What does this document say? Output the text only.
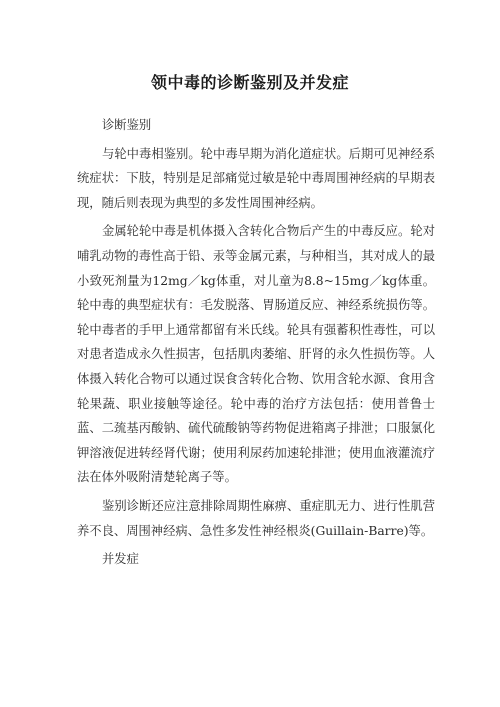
领中毒的诊断鉴别及并发症

诊断鉴别

与轮中毒相鉴别。轮中毒早期为消化道症状。后期可见神经系统症状：下肢，特别是足部痛觉过敏是轮中毒周围神经病的早期表现，随后则表现为典型的多发性周围神经病。

金属轮轮中毒是机体摄入含转化合物后产生的中毒反应。轮对哺乳动物的毒性高于铅、汞等金属元素，与种相当，其对成人的最小致死剂量为12mg／kg体重，对儿童为8.8~15mg／kg体重。轮中毒的典型症状有：毛发脱落、胃肠道反应、神经系统损伤等。轮中毒者的手甲上通常都留有米氏线。轮具有强蓄积性毒性，可以对患者造成永久性损害，包括肌肉萎缩、肝肾的永久性损伤等。人体摄入转化合物可以通过误食含转化合物、饮用含轮水源、食用含轮果蔬、职业接触等途径。轮中毒的治疗方法包括：使用普鲁士蓝、二巯基丙酸钠、硫代硫酸钠等药物促进箱离子排泄；口服氯化钾溶液促进转经肾代谢；使用利尿药加速轮排泄；使用血液灌流疗法在体外吸附清楚轮离子等。

鉴别诊断还应注意排除周期性麻痹、重症肌无力、进行性肌营养不良、周围神经病、急性多发性神经根炎(Guillain-Barre)等。

并发症
